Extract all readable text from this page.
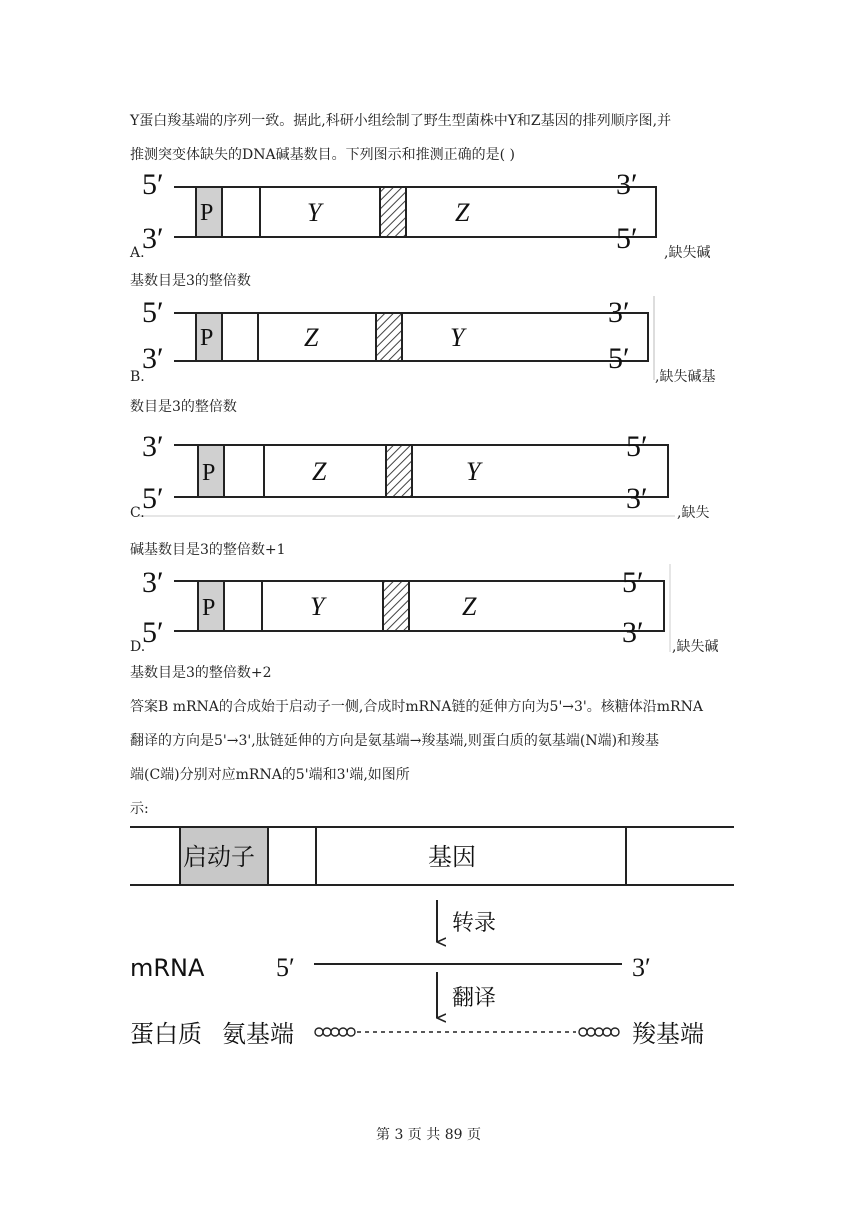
Y蛋白羧基端的序列一致。据此,科研小组绘制了野生型菌株中Y和Z基因的排列顺序图,并
推测突变体缺失的DNA碱基数目。下列图示和推测正确的是( )
5′
3′
P	Y	Z
3′
5′
A.	,缺失碱
基数目是3的整倍数
5′
3′
P	Z	Y
3′
5′
B.	,缺失碱基
数目是3的整倍数
3′
5′
P	Z	Y
5′
3′
C.	,缺失
碱基数目是3的整倍数+1
3′
5′
P	Y	Z
5′
3′
D.	,缺失碱
基数目是3的整倍数+2
答案B mRNA的合成始于启动子一侧,合成时mRNA链的延伸方向为5'→3'。核糖体沿mRNA
翻译的方向是5'→3',肽链延伸的方向是氨基端→羧基端,则蛋白质的氨基端(N端)和羧基
端(C端)分别对应mRNA的5'端和3'端,如图所
示:
启动子	基因
转录
mRNA	5′	3′
翻译
蛋白质 氨基端	羧基端
第 3 页 共 89 页
